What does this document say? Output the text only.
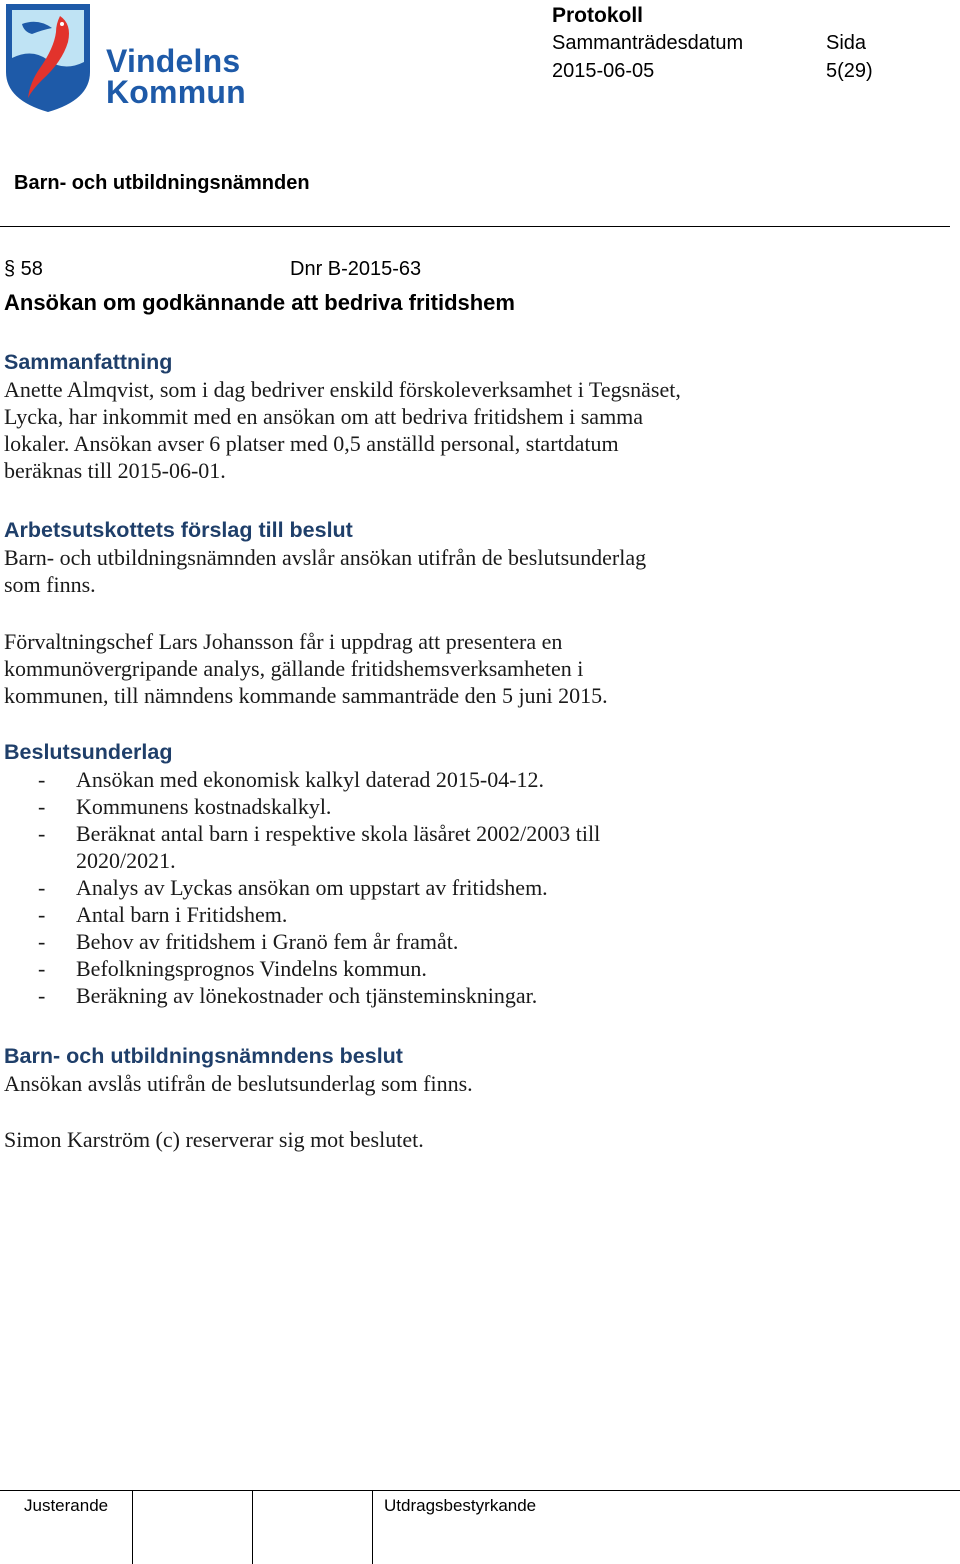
Vindelns
Kommun
Protokoll
Sammanträdesdatum
2015-06-05
Sida
5(29)
Barn- och utbildningsnämnden
§ 58	Dnr B-2015-63
Ansökan om godkännande att bedriva fritidshem

Sammanfattning

Anette Almqvist, som i dag bedriver enskild förskoleverksamhet i Tegsnäset,
Lycka, har inkommit med en ansökan om att bedriva fritidshem i samma
lokaler. Ansökan avser 6 platser med 0,5 anställd personal, startdatum
beräknas till 2015-06-01.

Arbetsutskottets förslag till beslut

Barn- och utbildningsnämnden avslår ansökan utifrån de beslutsunderlag
som finns.
Förvaltningschef Lars Johansson får i uppdrag att presentera en
kommunövergripande analys, gällande fritidshemsverksamheten i
kommunen, till nämndens kommande sammanträde den 5 juni 2015.

Beslutsunderlag

- Ansökan med ekonomisk kalkyl daterad 2015-04-12.
- Kommunens kostnadskalkyl.
- Beräknat antal barn i respektive skola läsåret 2002/2003 till
2020/2021.
- Analys av Lyckas ansökan om uppstart av fritidshem.
- Antal barn i Fritidshem.
- Behov av fritidshem i Granö fem år framåt.
- Befolkningsprognos Vindelns kommun.
- Beräkning av lönekostnader och tjänsteminskningar.

Barn- och utbildningsnämndens beslut

Ansökan avslås utifrån de beslutsunderlag som finns.

Simon Karström (c) reserverar sig mot beslutet.

Justerande	Utdragsbestyrkande
